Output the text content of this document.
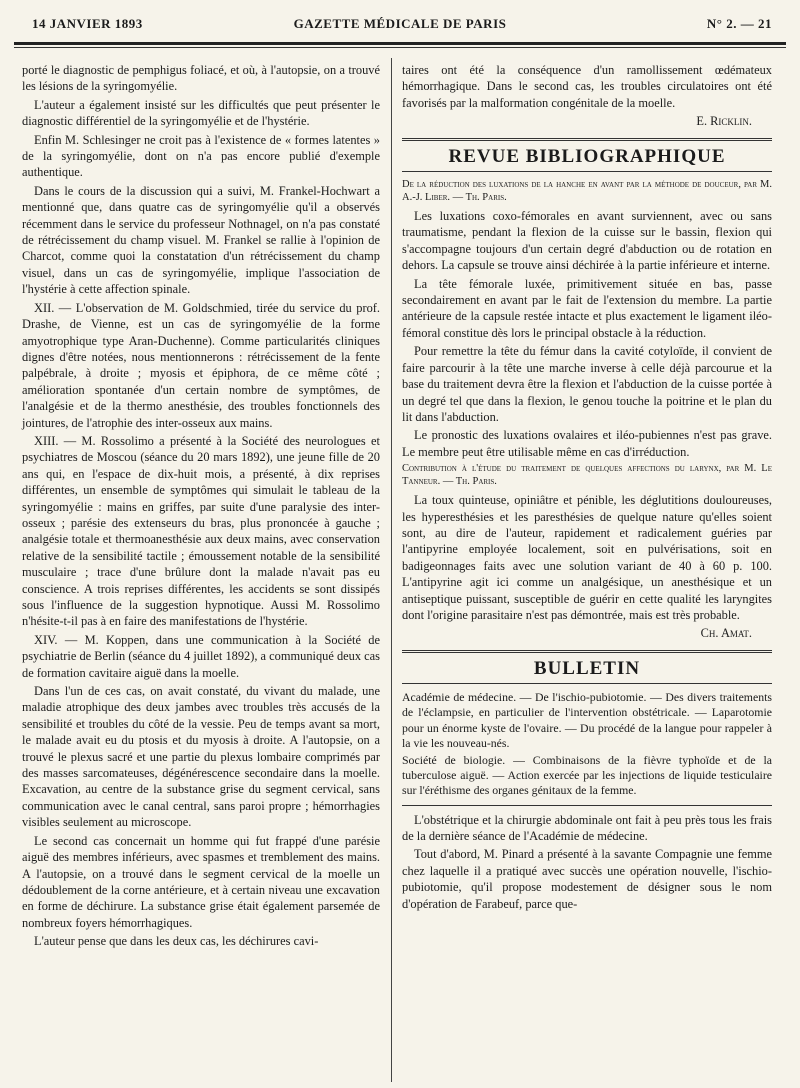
14 JANVIER 1893	GAZETTE MÉDICALE DE PARIS	N° 2. — 21

porté le diagnostic de pemphigus foliacé, et où, à l'autopsie, on a trouvé les lésions de la syringomyélie.

L'auteur a également insisté sur les difficultés que peut présenter le diagnostic différentiel de la syringomyélie et de l'hystérie.

Enfin M. Schlesinger ne croit pas à l'existence de « formes latentes » de la syringomyélie, dont on n'a pas encore publié d'exemple authentique.

Dans le cours de la discussion qui a suivi, M. Frankel-Hochwart a mentionné que, dans quatre cas de syringomyélie qu'il a observés récemment dans le service du professeur Nothnagel, on n'a pas constaté de rétrécissement du champ visuel. M. Frankel se rallie à l'opinion de Charcot, comme quoi la constatation d'un rétrécissement du champ visuel, dans un cas de syringomyélie, implique l'association de l'hystérie à cette affection spinale.

XII. — L'observation de M. Goldschmied, tirée du service du prof. Drashe, de Vienne, est un cas de syringomyélie de la forme amyotrophique type Aran-Duchenne). Comme particularités cliniques dignes d'être notées, nous mentionnerons : rétrécissement de la fente palpébrale, à droite ; myosis et épiphora, de ce même côté ; amélioration spontanée d'un certain nombre de symptômes, de l'analgésie et de la thermo anesthésie, des troubles fonctionnels des jointures, de l'atrophie des inter-osseux aux mains.

XIII. — M. Rossolimo a présenté à la Société des neurologues et psychiatres de Moscou (séance du 20 mars 1892), une jeune fille de 20 ans qui, en l'espace de dix-huit mois, a présenté, à dix reprises différentes, un ensemble de symptômes qui simulait le tableau de la syringomyélie : mains en griffes, par suite d'une paralysie des inter-osseux ; parésie des extenseurs du bras, plus prononcée à gauche ; analgésie totale et thermoanesthésie aux deux mains, avec conservation relative de la sensibilité tactile ; émoussement notable de la sensibilité musculaire ; trace d'une brûlure dont la malade n'avait pas eu conscience. A trois reprises différentes, les accidents se sont dissipés sous l'influence de la suggestion hypnotique. Aussi M. Rossolimo n'hésite-t-il pas à en faire des manifestations de l'hystérie.

XIV. — M. Koppen, dans une communication à la Société de psychiatrie de Berlin (séance du 4 juillet 1892), a communiqué deux cas de formation cavitaire aiguë dans la moelle.

Dans l'un de ces cas, on avait constaté, du vivant du malade, une maladie atrophique des deux jambes avec troubles très accusés de la sensibilité et troubles du côté de la vessie. Peu de temps avant sa mort, le malade avait eu du ptosis et du myosis à droite. A l'autopsie, on a trouvé le plexus sacré et une partie du plexus lombaire comprimés par des masses sarcomateuses, dégénérescence secondaire dans la moelle. Excavation, au centre de la substance grise du segment cervical, sans communication avec le canal central, sans paroi propre ; hémorrhagies visibles seulement au microscope.

Le second cas concernait un homme qui fut frappé d'une parésie aiguë des membres inférieurs, avec spasmes et tremblement des mains. A l'autopsie, on a trouvé dans le segment cervical de la moelle un dédoublement de la corne antérieure, et à certain niveau une excavation en forme de déchirure. La substance grise était également parsemée de nombreux foyers hémorrhagiques.

L'auteur pense que dans les deux cas, les déchirures cavi-

taires ont été la conséquence d'un ramollissement œdémateux hémorrhagique. Dans le second cas, les troubles circulatoires ont été favorisés par la malformation congénitale de la moelle.

E. Ricklin.
REVUE BIBLIOGRAPHIQUE

De la réduction des luxations de la hanche en avant par la méthode de douceur, par M. A.-J. Liber. — Th. Paris.

Les luxations coxo-fémorales en avant surviennent, avec ou sans traumatisme, pendant la flexion de la cuisse sur le bassin, flexion qui s'accompagne toujours d'un certain degré d'abduction ou de rotation en dehors. La capsule se trouve ainsi déchirée à la partie inférieure et interne.

La tête fémorale luxée, primitivement située en bas, passe secondairement en avant par le fait de l'extension du membre. La partie antérieure de la capsule restée intacte et plus exactement le ligament iléo-fémoral constitue dès lors le principal obstacle à la réduction.

Pour remettre la tête du fémur dans la cavité cotyloïde, il convient de faire parcourir à la tête une marche inverse à celle déjà parcourue et la base du traitement devra être la flexion et l'abduction de la cuisse portée à un degré tel que dans la flexion, le genou touche la poitrine et le plan du lit dans l'abduction.

Le pronostic des luxations ovalaires et iléo-pubiennes n'est pas grave. Le membre peut être utilisable même en cas d'irréduction.

Contribution à l'étude du traitement de quelques affections du larynx, par M. Le Tanneur. — Th. Paris.

La toux quinteuse, opiniâtre et pénible, les déglutitions douloureuses, les hyperesthésies et les paresthésies de quelque nature qu'elles soient sont, au dire de l'auteur, rapidement et radicalement guéries par l'antipyrine employée localement, soit en pulvérisations, soit en badigeonnages faits avec une solution variant de 40 à 60 p. 100. L'antipyrine agit ici comme un analgésique, un anesthésique et un antiseptique puissant, susceptible de guérir en cette qualité les laryngites dont l'origine parasitaire n'est pas démontrée, mais est très probable.

Ch. Amat.
BULLETIN

Académie de médecine. — De l'ischio-pubiotomie. — Des divers traitements de l'éclampsie, en particulier de l'intervention obstétricale. — Laparotomie pour un énorme kyste de l'ovaire. — Du procédé de la langue pour rappeler à la vie les nouveau-nés.

Société de biologie. — Combinaisons de la fièvre typhoïde et de la tuberculose aiguë. — Action exercée par les injections de liquide testiculaire sur l'éréthisme des organes génitaux de la femme.

L'obstétrique et la chirurgie abdominale ont fait à peu près tous les frais de la dernière séance de l'Académie de médecine.

Tout d'abord, M. Pinard a présenté à la savante Compagnie une femme chez laquelle il a pratiqué avec succès une opération nouvelle, l'ischio-pubiotomie, qu'il propose modestement de désigner sous le nom d'opération de Farabeuf, parce que-
